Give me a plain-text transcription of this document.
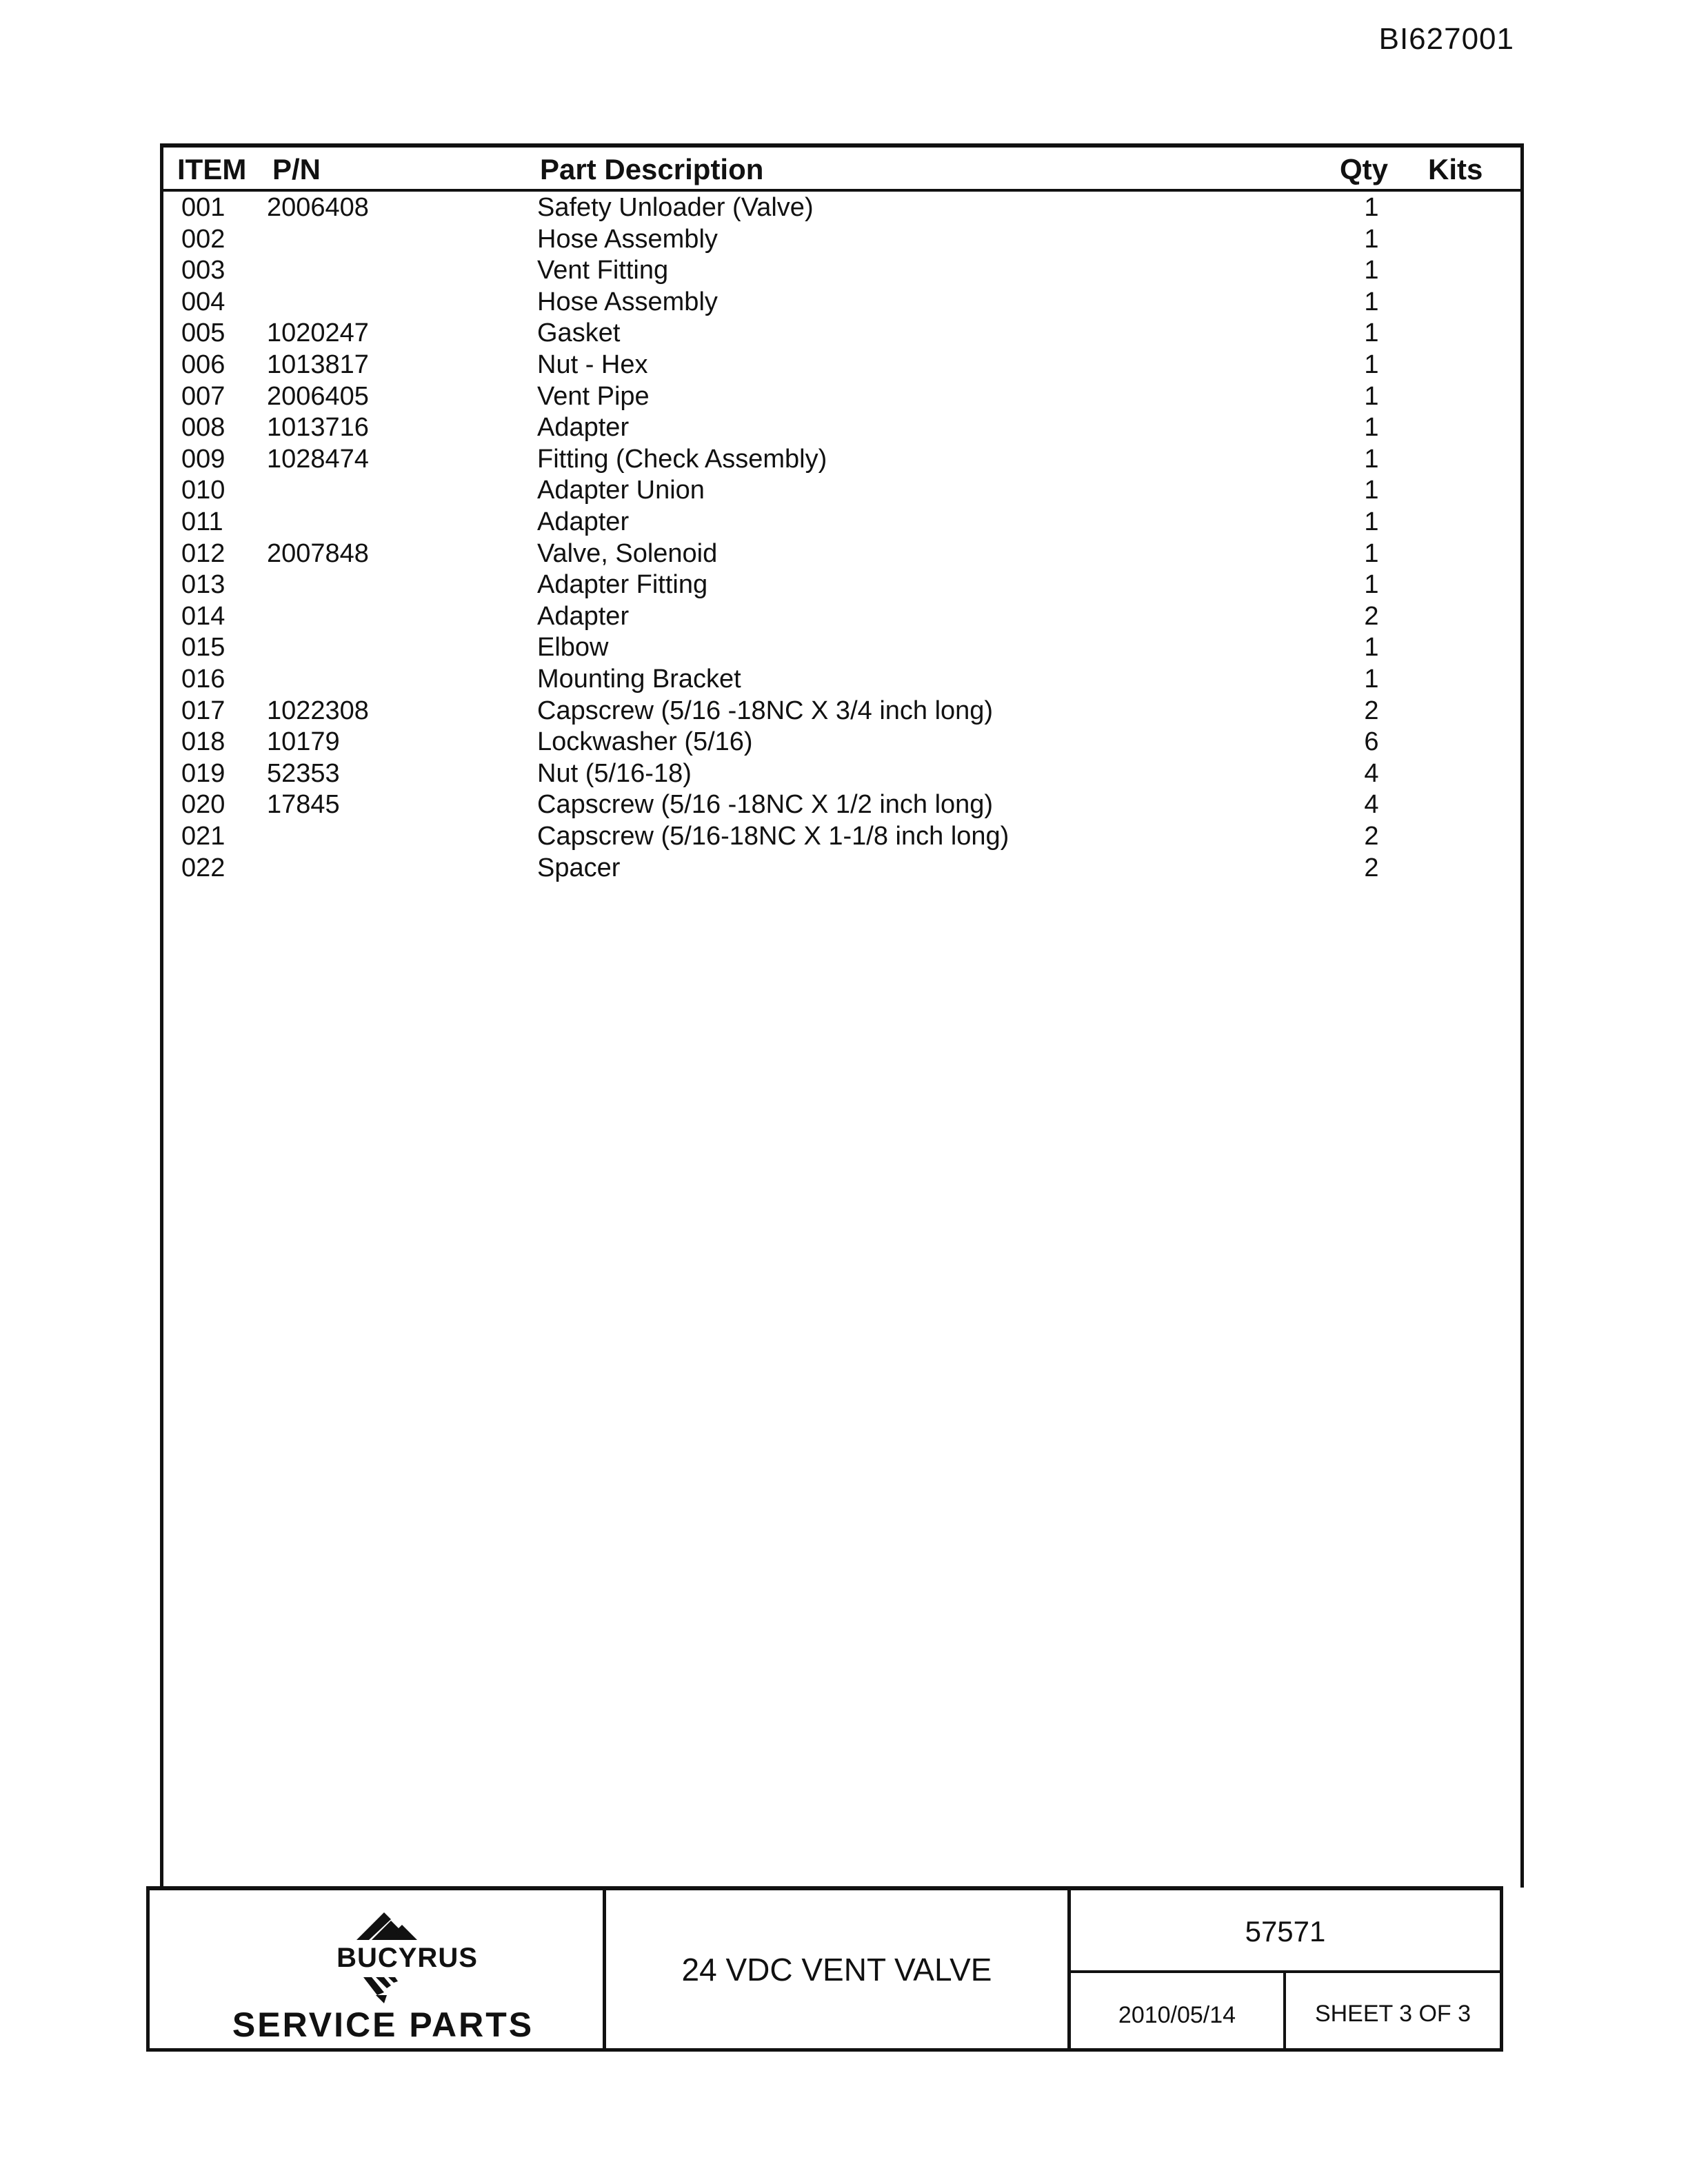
BI627001
ITEM P/N	Part Description	Qty Kits
001 2006408	Safety Unloader (Valve)	1
002	Hose Assembly	1
003	Vent Fitting	1
004	Hose Assembly	1
005 1020247	Gasket	1
006 1013817	Nut - Hex	1
007 2006405	Vent Pipe	1
008 1013716	Adapter	1
009 1028474	Fitting (Check Assembly)	1
010	Adapter Union	1
011	Adapter	1
012 2007848	Valve, Solenoid	1
013	Adapter Fitting	1
014	Adapter	2
015	Elbow	1
016	Mounting Bracket	1
017 1022308	Capscrew (5/16 -18NC X 3/4 inch long)	2
018 10179	Lockwasher (5/16)	6
019 52353	Nut (5/16-18)	4
020 17845	Capscrew (5/16 -18NC X 1/2 inch long)	4
021	Capscrew (5/16-18NC X 1-1/8 inch long)	2
022	Spacer	2
BUCYRUS
SERVICE PARTS
24 VDC VENT VALVE
57571
2010/05/14	SHEET 3 OF 3
